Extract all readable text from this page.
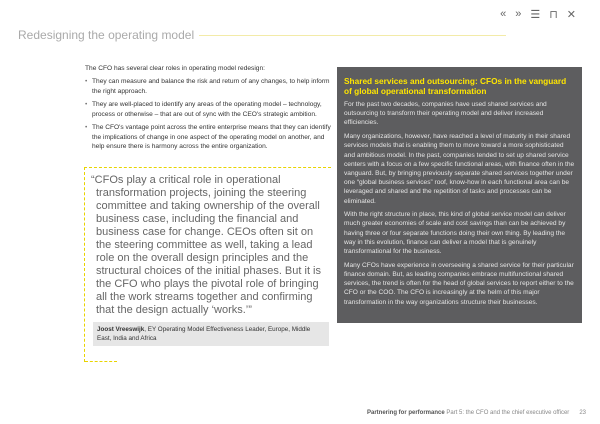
« » ☰ ⊓ ✕
Redesigning the operating model

The CFO has several clear roles in operating model redesign:

• They can measure and balance the risk and return of any changes, to help inform the right approach.
• They are well-placed to identify any areas of the operating model – technology, process or otherwise – that are out of sync with the CEO's strategic ambition.
• The CFO's vantage point across the entire enterprise means that they can identify the implications of change in one aspect of the operating model on another, and help ensure there is harmony across the entire organization.

“CFOs play a critical role in operational transformation projects, joining the steering committee and taking ownership of the overall business case, including the financial and business case for change. CEOs often sit on the steering committee as well, taking a lead role on the overall design principles and the structural choices of the initial phases. But it is the CFO who plays the pivotal role of bringing all the work streams together and confirming that the design actually ‘works.’”

Joost Vreeswijk, EY Operating Model Effectiveness Leader, Europe, Middle East, India and Africa
Shared services and outsourcing: CFOs in the vanguard of global operational transformation

For the past two decades, companies have used shared services and outsourcing to transform their operating model and deliver increased efficiencies.

Many organizations, however, have reached a level of maturity in their shared services models that is enabling them to move toward a more sophisticated and ambitious model. In the past, companies tended to set up shared service centers with a focus on a few specific functional areas, with finance often in the vanguard. But, by bringing previously separate shared services together under one “global business services” roof, know-how in each functional area can be leveraged and shared and the repetition of tasks and processes can be eliminated.

With the right structure in place, this kind of global service model can deliver much greater economies of scale and cost savings than can be achieved by having three or four separate functions doing their own thing. By leading the way in this evolution, finance can deliver a model that is genuinely transformational for the business.

Many CFOs have experience in overseeing a shared service for their particular finance domain. But, as leading companies embrace multifunctional shared services, the trend is often for the head of global services to report either to the CFO or the COO. The CFO is increasingly at the helm of this major transformation in the way organizations structure their businesses.

Partnering for performance Part 5: the CFO and the chief executive officer 23
